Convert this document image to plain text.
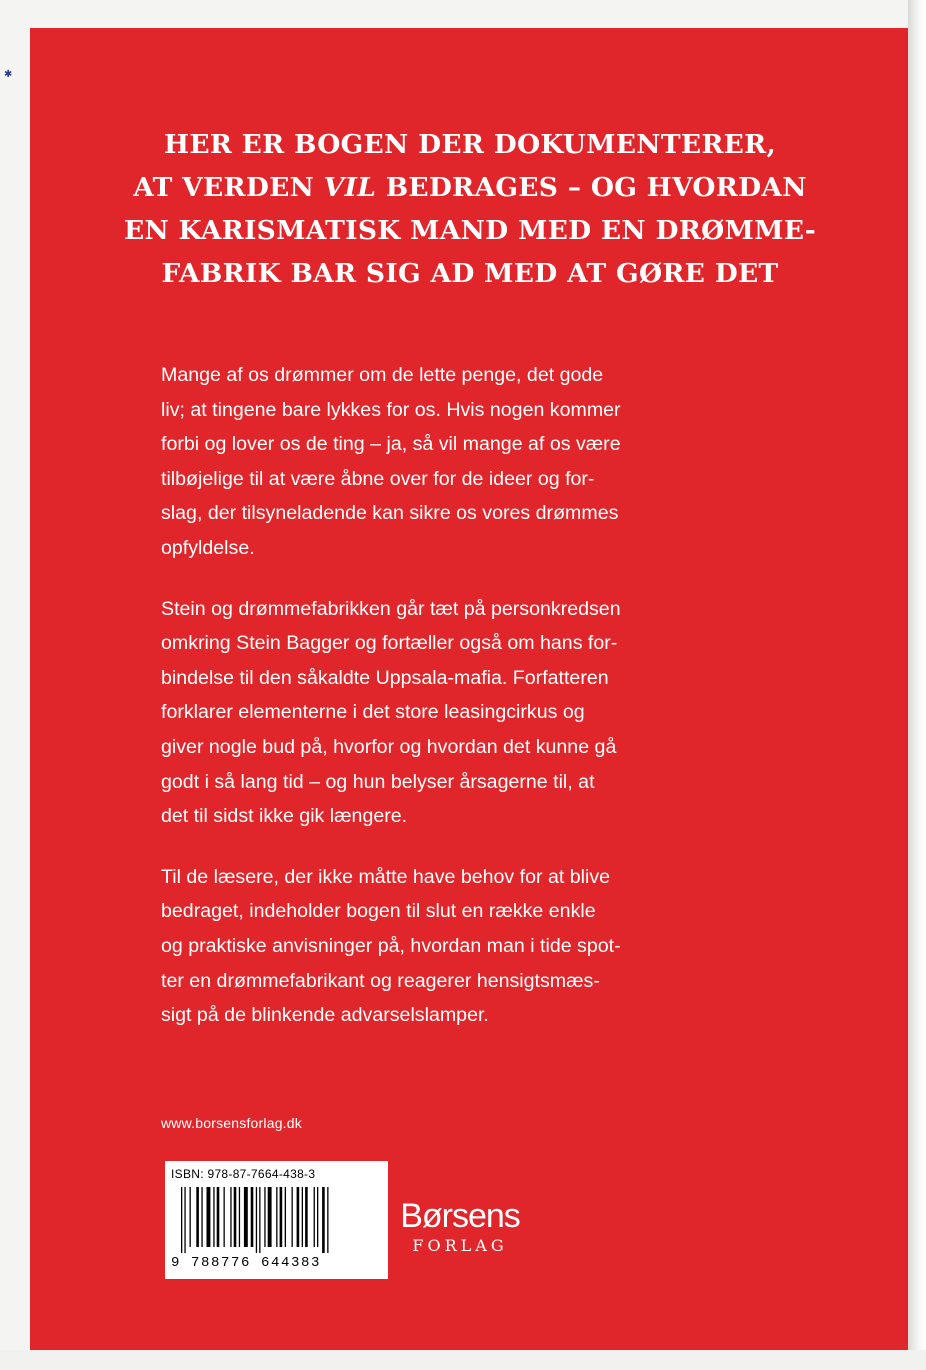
✱
HER ER BOGEN DER DOKUMENTERER,
AT VERDEN VIL BEDRAGES – OG HVORDAN
EN KARISMATISK MAND MED EN DRØMME-
FABRIK BAR SIG AD MED AT GØRE DET

Mange af os drømmer om de lette penge, det gode
liv; at tingene bare lykkes for os. Hvis nogen kommer
forbi og lover os de ting – ja, så vil mange af os være
tilbøjelige til at være åbne over for de ideer og for-
slag, der tilsyneladende kan sikre os vores drømmes
opfyldelse.

Stein og drømmefabrikken går tæt på personkredsen
omkring Stein Bagger og fortæller også om hans for-
bindelse til den såkaldte Uppsala-mafia. Forfatteren
forklarer elementerne i det store leasingcirkus og
giver nogle bud på, hvorfor og hvordan det kunne gå
godt i så lang tid – og hun belyser årsagerne til, at
det til sidst ikke gik længere.

Til de læsere, der ikke måtte have behov for at blive
bedraget, indeholder bogen til slut en række enkle
og praktiske anvisninger på, hvordan man i tide spot-
ter en drømmefabrikant og reagerer hensigtsmæs-
sigt på de blinkende advarselslamper.

www.borsensforlag.dk
ISBN: 978-87-7664-438-3
9 788776 644383
Børsens
FORLAG
